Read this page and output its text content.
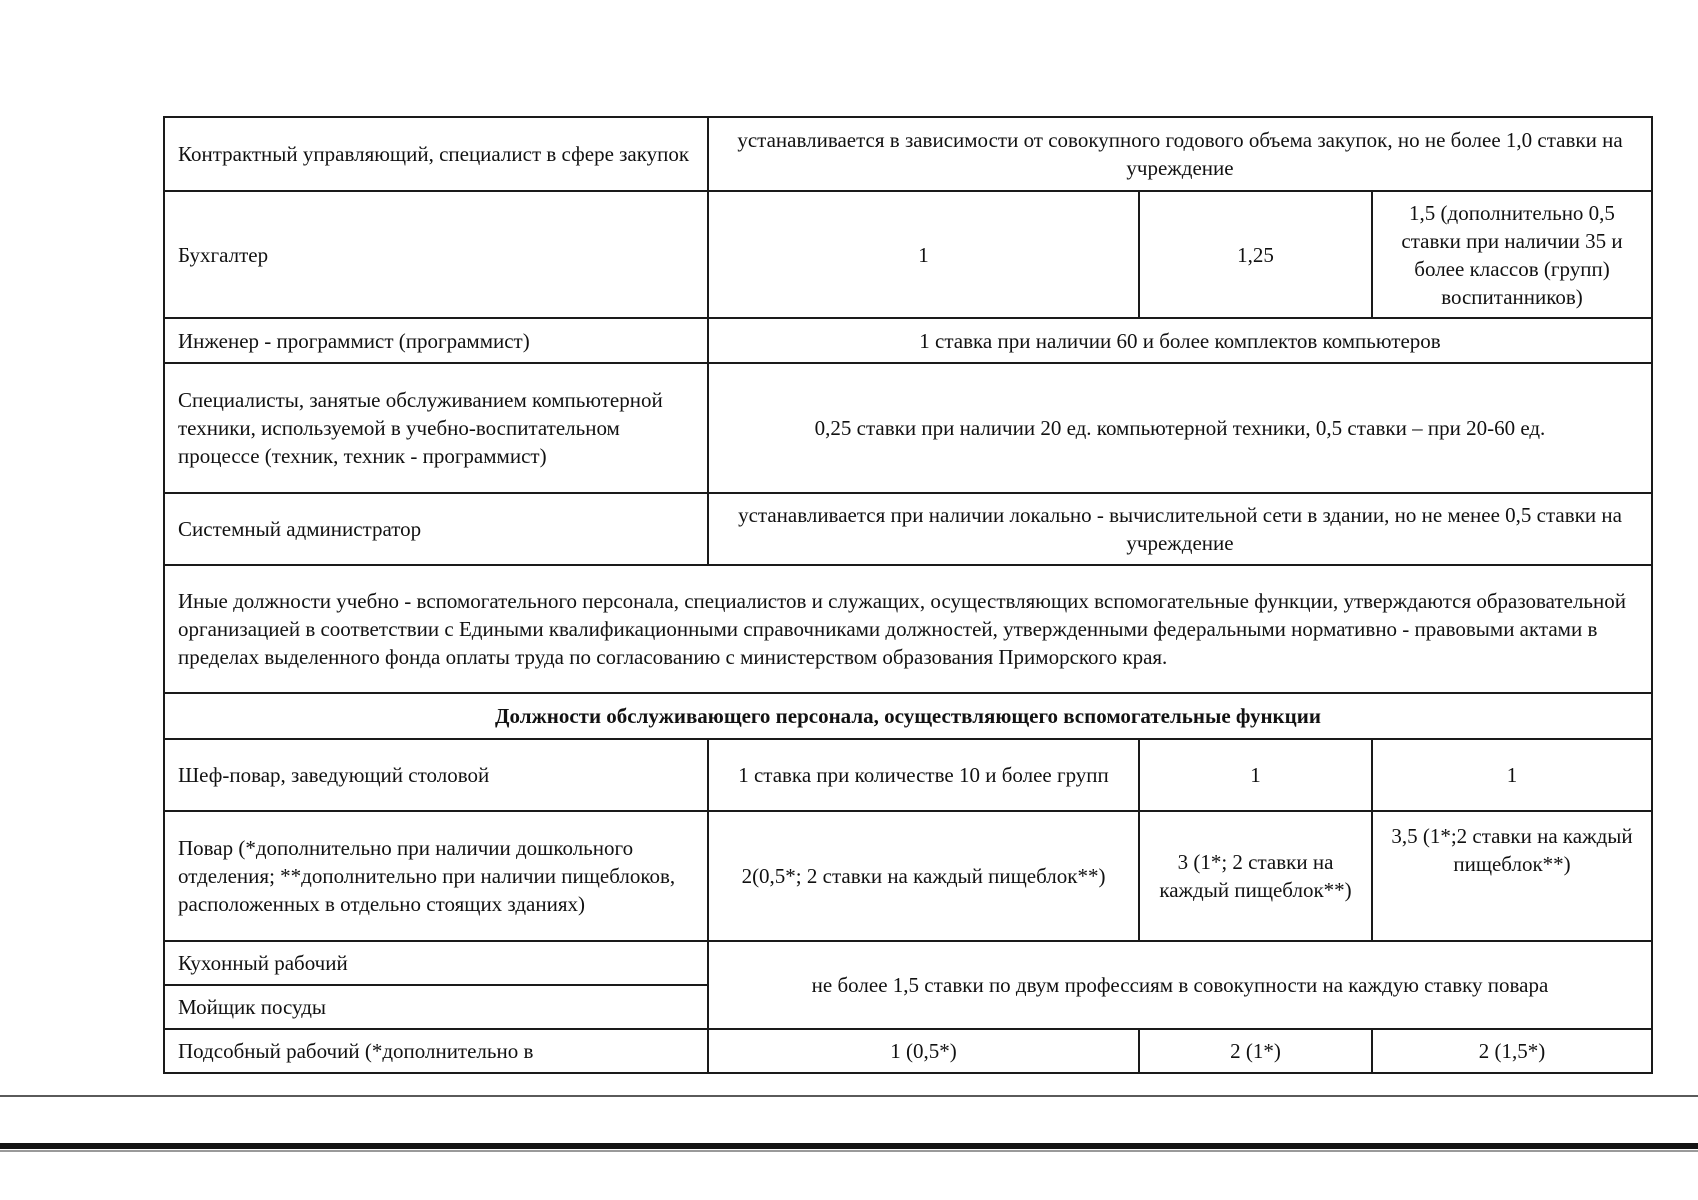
Контрактный управляющий, специалист в сфере закупок	устанавливается в зависимости от совокупного годового объема закупок, но не более 1,0 ставки на учреждение		
Бухгалтер	1	1,25	1,5 (дополнительно 0,5 ставки при наличии 35 и более классов (групп) воспитанников)
Инженер - программист (программист)	1 ставка при наличии 60 и более комплектов компьютеров		
Специалисты, занятые обслуживанием компьютерной техники, используемой в учебно-воспитательном процессе (техник, техник - программист)	0,25 ставки при наличии 20 ед. компьютерной техники, 0,5 ставки – при 20-60 ед.		
Системный администратор	устанавливается при наличии локально - вычислительной сети в здании, но не менее 0,5 ставки на учреждение		
Иные должности учебно - вспомогательного персонала, специалистов и служащих, осуществляющих вспомогательные функции, утверждаются образовательной организацией в соответствии с Едиными квалификационными справочниками должностей, утвержденными федеральными нормативно - правовыми актами в пределах выделенного фонда оплаты труда по согласованию с министерством образования Приморского края.			
Должности обслуживающего персонала, осуществляющего вспомогательные функции			
Шеф-повар, заведующий столовой	1 ставка при количестве 10 и более групп	1	1
Повар (*дополнительно при наличии дошкольного отделения; **дополнительно при наличии пищеблоков, расположенных в отдельно стоящих зданиях)	2(0,5*; 2 ставки на каждый пищеблок**)	3 (1*; 2 ставки на каждый пищеблок**)	3,5 (1*;2 ставки на каждый пищеблок**)
Кухонный рабочий	не более 1,5 ставки по двум профессиям в совокупности на каждую ставку повара		
Мойщик посуды			
Подсобный рабочий (*дополнительно в	1 (0,5*)	2 (1*)	2 (1,5*)
